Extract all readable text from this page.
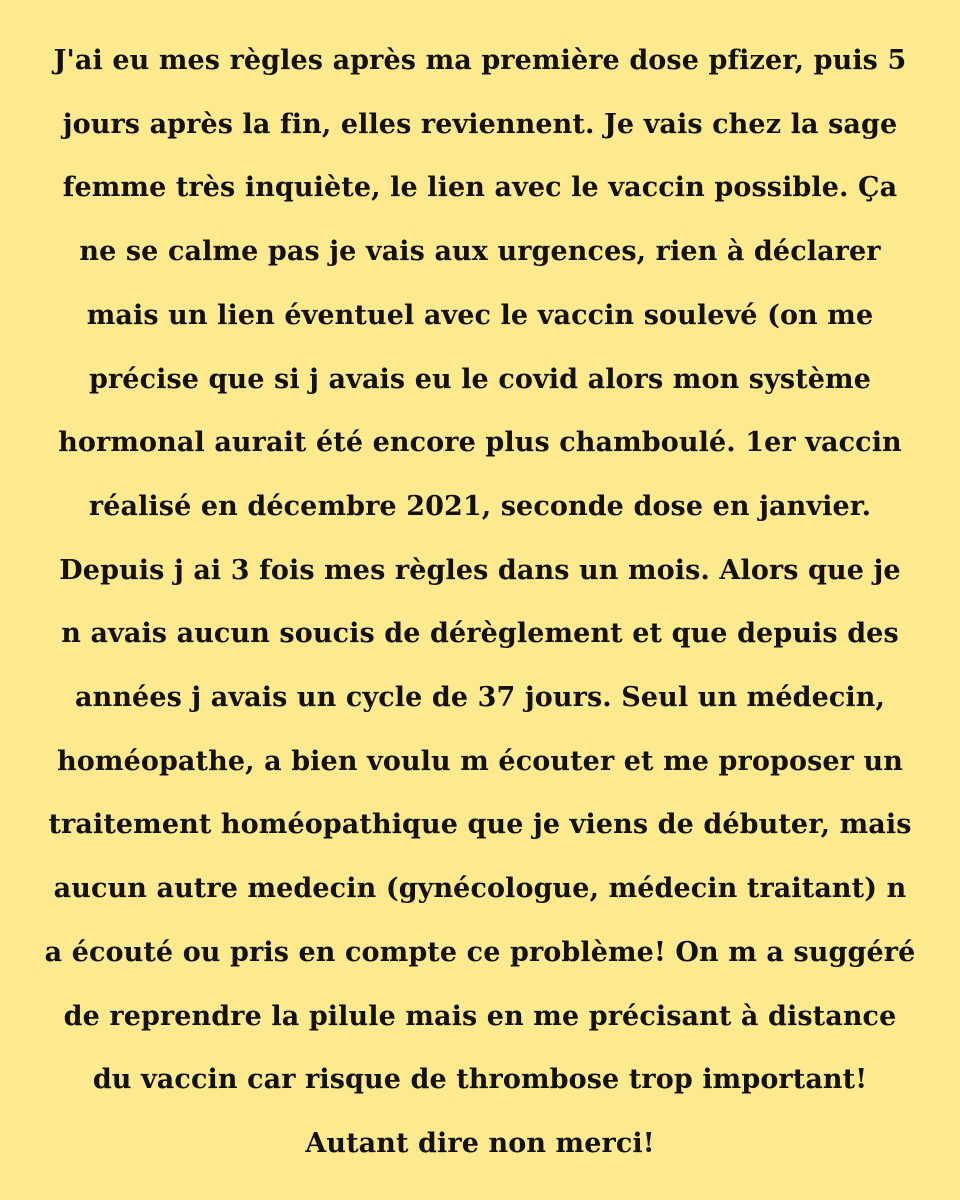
J'ai eu mes règles après ma première dose pfizer, puis 5
jours après la fin, elles reviennent. Je vais chez la sage
femme très inquiète, le lien avec le vaccin possible. Ça
ne se calme pas je vais aux urgences, rien à déclarer
mais un lien éventuel avec le vaccin soulevé (on me
précise que si j avais eu le covid alors mon système
hormonal aurait été encore plus chamboulé. 1er vaccin
réalisé en décembre 2021, seconde dose en janvier.
Depuis j ai 3 fois mes règles dans un mois. Alors que je
n avais aucun soucis de dérèglement et que depuis des
années j avais un cycle de 37 jours. Seul un médecin,
homéopathe, a bien voulu m écouter et me proposer un
traitement homéopathique que je viens de débuter, mais
aucun autre medecin (gynécologue, médecin traitant) n
a écouté ou pris en compte ce problème! On m a suggéré
de reprendre la pilule mais en me précisant à distance
du vaccin car risque de thrombose trop important!
Autant dire non merci!
